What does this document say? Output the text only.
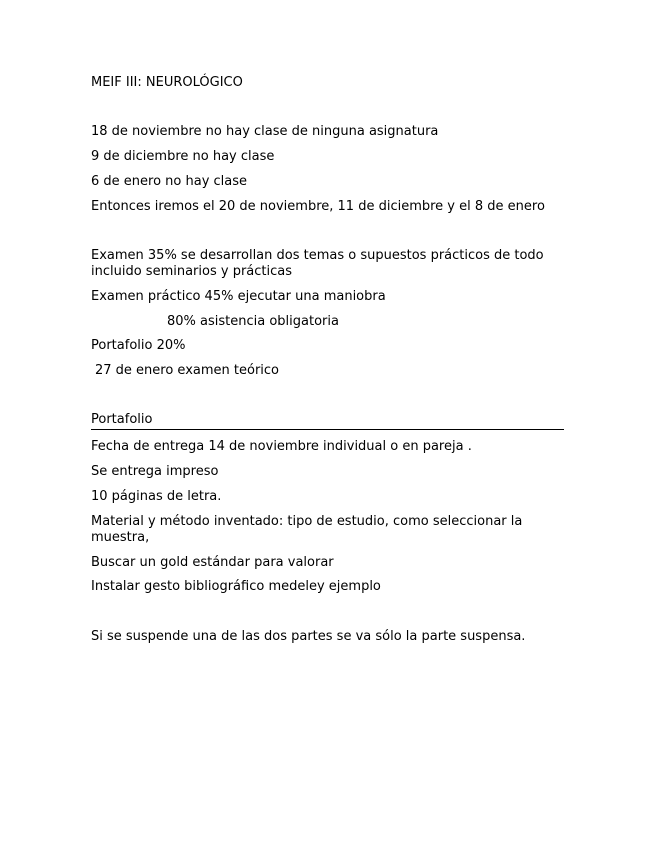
MEIF III: NEUROLÓGICO
18 de noviembre no hay clase de ninguna asignatura
9 de diciembre no hay clase
6 de enero no hay clase
Entonces iremos el 20 de noviembre, 11 de diciembre y el 8 de enero
Examen 35% se desarrollan dos temas o supuestos prácticos de todo incluido seminarios y prácticas
Examen práctico 45% ejecutar una maniobra
80% asistencia obligatoria
Portafolio 20%
27 de enero examen teórico
Portafolio
Fecha de entrega 14 de noviembre individual o en pareja .
Se entrega impreso
10 páginas de letra.
Material y método inventado: tipo de estudio, como seleccionar la muestra,
Buscar un gold estándar para valorar
Instalar gesto bibliográfico medeley ejemplo
Si se suspende una de las dos partes se va sólo la parte suspensa.
